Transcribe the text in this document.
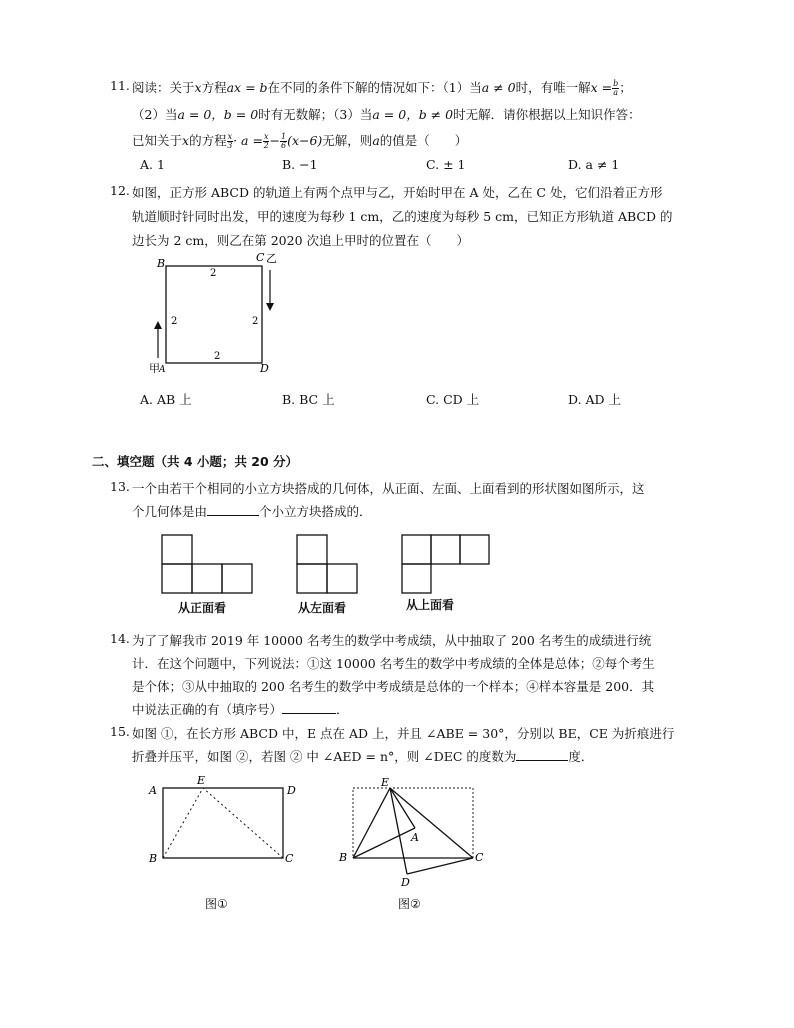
11. 阅读：关于x方程ax = b在不同的条件下解的情况如下：（1）当a ≠ 0时，有唯一解$x = \frac{b}{a}$ ；
（2）当a = 0，b = 0时有无数解；（3）当a = 0，b ≠ 0时无解．请你根据以上知识作答：
已知关于x的方程 $\frac{x}{3} \cdot a = \frac{x}{2} - \frac{1}{6} (x-6)$无解，则a的值是（　　）
A. 1	B. −1	C. ± 1	D. a ≠ 1
12. 如图，正方形 ABCD 的轨道上有两个点甲与乙，开始时甲在 A 处，乙在 C 处，它们沿着正方形
轨道顺时针同时出发，甲的速度为每秒 1 cm，乙的速度为每秒 5 cm，已知正方形轨道 ABCD 的
边长为 2 cm，则乙在第 2020 次追上甲时的位置在（　　）
B	C 乙
甲 A	D
2
2	2
2
A. AB 上	B. BC 上	C. CD 上	D. AD 上
二、填空题（共 4 小题；共 20 分）
13. 一个由若干个相同的小立方块搭成的几何体，从正面、左面、上面看到的形状图如图所示，这
个几何体是由	个小立方块搭成的．
从正面看	从左面看	从上面看
14. 为了了解我市 2019 年 10000 名考生的数学中考成绩，从中抽取了 200 名考生的成绩进行统
计．在这个问题中，下列说法：①这 10000 名考生的数学中考成绩的全体是总体；②每个考生
是个体；③从中抽取的 200 名考生的数学中考成绩是总体的一个样本；④样本容量是 200．其
中说法正确的有（填序号）	．
15. 如图 ①，在长方形 ABCD 中，E 点在 AD 上，并且 ∠ABE = 30°，分别以 BE，CE 为折痕进行
折叠并压平，如图 ②，若图 ② 中 ∠AED = n°，则 ∠DEC 的度数为	度．
A
E
D
B	C
图①
E
A
B	C
D
图②
